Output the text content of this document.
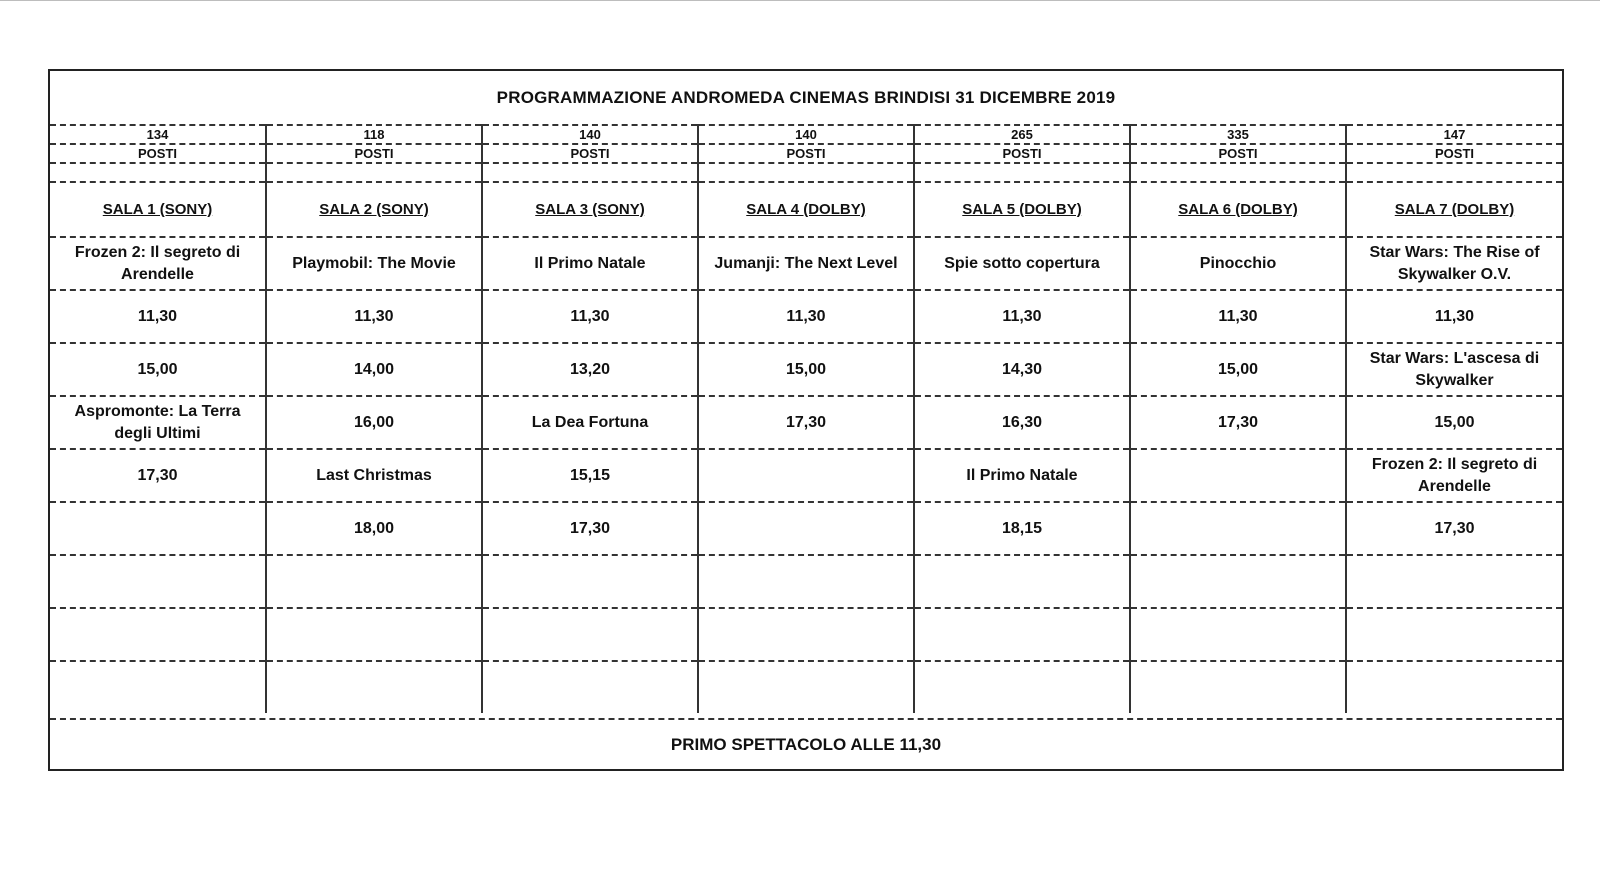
PROGRAMMAZIONE ANDROMEDA CINEMAS BRINDISI 31 DICEMBRE 2019
134	118	140	140	265	335	147
POSTI	POSTI	POSTI	POSTI	POSTI	POSTI	POSTI

SALA 1 (SONY)	SALA 2 (SONY)	SALA 3 (SONY)	SALA 4 (DOLBY)	SALA 5 (DOLBY)	SALA 6 (DOLBY)	SALA 7 (DOLBY)
Frozen 2: Il segreto di Arendelle	Playmobil: The Movie	Il Primo Natale	Jumanji: The Next Level	Spie sotto copertura	Pinocchio	Star Wars: The Rise of Skywalker O.V.
11,30	11,30	11,30	11,30	11,30	11,30	11,30
15,00	14,00	13,20	15,00	14,30	15,00	Star Wars: L'ascesa di Skywalker
Aspromonte: La Terra degli Ultimi	16,00	La Dea Fortuna	17,30	16,30	17,30	15,00
17,30	Last Christmas	15,15		Il Primo Natale		Frozen 2: Il segreto di Arendelle
	18,00	17,30		18,15		17,30

PRIMO SPETTACOLO ALLE 11,30
